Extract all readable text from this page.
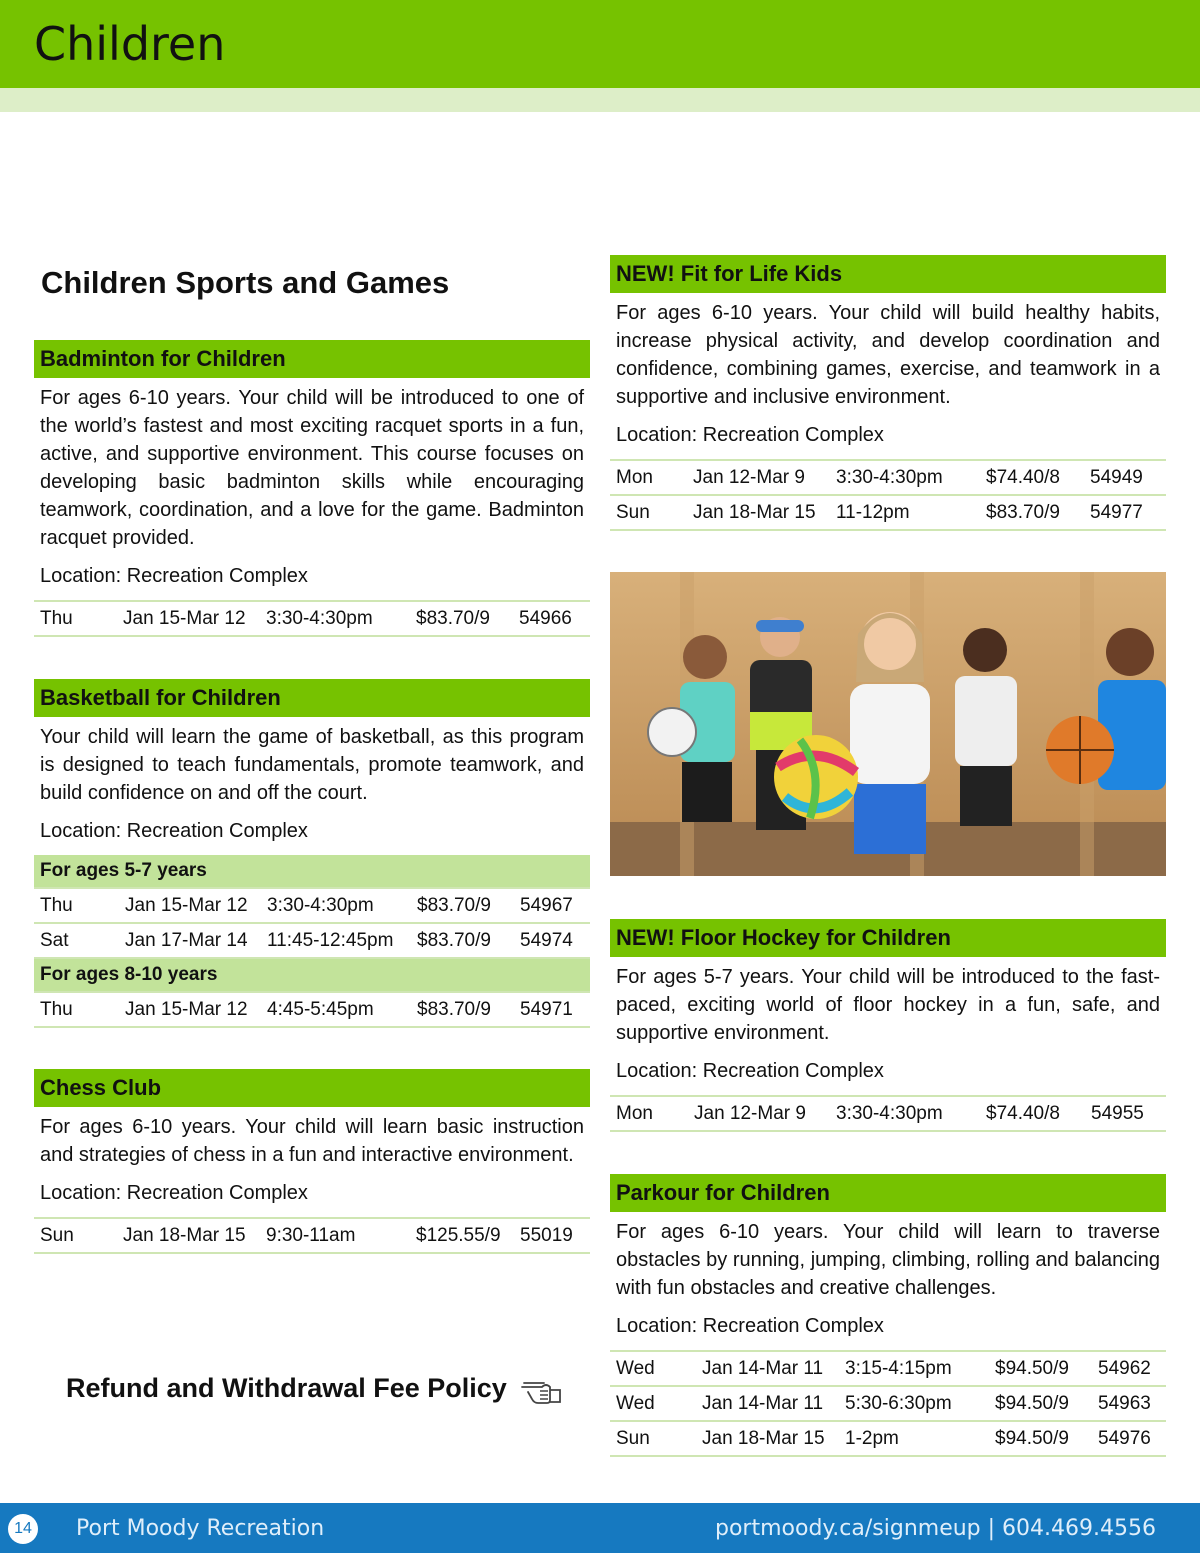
Children
Children Sports and Games
Badminton for Children
For ages 6-10 years. Your child will be introduced to one of the world’s fastest and most exciting racquet sports in a fun, active, and supportive environment. This course focuses on developing basic badminton skills while encouraging teamwork, coordination, and a love for the game. Badminton racquet provided.
Location: Recreation Complex
Thu	Jan 15-Mar 12 3:30-4:30pm $83.70/9 54966
Basketball for Children
Your child will learn the game of basketball, as this program is designed to teach fundamentals, promote teamwork, and build confidence on and off the court.
Location: Recreation Complex
For ages 5-7 years
Thu	Jan 15-Mar 12 3:30-4:30pm $83.70/9 54967
Sat	Jan 17-Mar 14 11:45-12:45pm $83.70/9 54974
For ages 8-10 years
Thu	Jan 15-Mar 12 4:45-5:45pm $83.70/9 54971
Chess Club
For ages 6-10 years. Your child will learn basic instruction and strategies of chess in a fun and interactive environment.
Location: Recreation Complex
Sun	Jan 18-Mar 15 9:30-11am	$125.55/9 55019
NEW! Fit for Life Kids
For ages 6-10 years. Your child will build healthy habits, increase physical activity, and develop coordination and confidence, combining games, exercise, and teamwork in a supportive and inclusive environment.
Location: Recreation Complex
Mon Jan 12-Mar 9 3:30-4:30pm $74.40/8 54949
Sun Jan 18-Mar 15 11-12pm	$83.70/9 54977
NEW! Floor Hockey for Children
For ages 5-7 years. Your child will be introduced to the fast-paced, exciting world of floor hockey in a fun, safe, and supportive environment.
Location: Recreation Complex
Mon Jan 12-Mar 9 3:30-4:30pm $74.40/8 54955
Parkour for Children
For ages 6-10 years. Your child will learn to traverse obstacles by running, jumping, climbing, rolling and balancing with fun obstacles and creative challenges.
Location: Recreation Complex
Wed Jan 14-Mar 11 3:15-4:15pm $94.50/9 54962
Wed Jan 14-Mar 11 5:30-6:30pm $94.50/9 54963
Sun	Jan 18-Mar 15 1-2pm	$94.50/9 54976
Refund and Withdrawal Fee Policy
14 Port Moody Recreation	portmoody.ca/signmeup | 604.469.4556
